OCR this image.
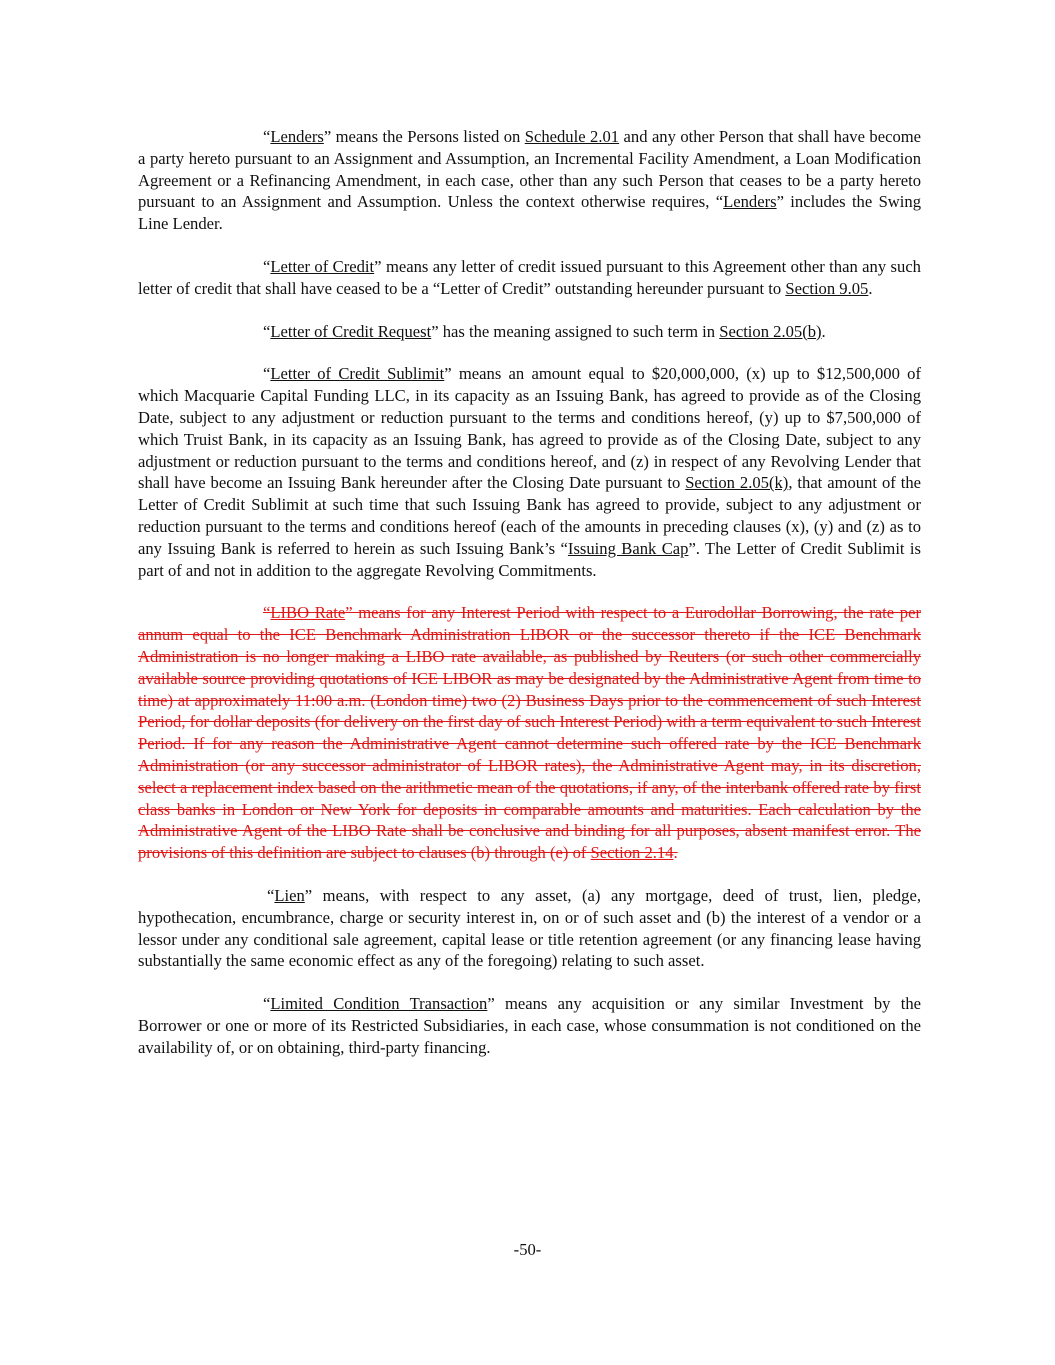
“Lenders” means the Persons listed on Schedule 2.01 and any other Person that shall have become a party hereto pursuant to an Assignment and Assumption, an Incremental Facility Amendment, a Loan Modification Agreement or a Refinancing Amendment, in each case, other than any such Person that ceases to be a party hereto pursuant to an Assignment and Assumption. Unless the context otherwise requires, “Lenders” includes the Swing Line Lender.

“Letter of Credit” means any letter of credit issued pursuant to this Agreement other than any such letter of credit that shall have ceased to be a “Letter of Credit” outstanding hereunder pursuant to Section 9.05.

“Letter of Credit Request” has the meaning assigned to such term in Section 2.05(b).

“Letter of Credit Sublimit” means an amount equal to $20,000,000, (x) up to $12,500,000 of which Macquarie Capital Funding LLC, in its capacity as an Issuing Bank, has agreed to provide as of the Closing Date, subject to any adjustment or reduction pursuant to the terms and conditions hereof, (y) up to $7,500,000 of which Truist Bank, in its capacity as an Issuing Bank, has agreed to provide as of the Closing Date, subject to any adjustment or reduction pursuant to the terms and conditions hereof, and (z) in respect of any Revolving Lender that shall have become an Issuing Bank hereunder after the Closing Date pursuant to Section 2.05(k), that amount of the Letter of Credit Sublimit at such time that such Issuing Bank has agreed to provide, subject to any adjustment or reduction pursuant to the terms and conditions hereof (each of the amounts in preceding clauses (x), (y) and (z) as to any Issuing Bank is referred to herein as such Issuing Bank’s “Issuing Bank Cap”. The Letter of Credit Sublimit is part of and not in addition to the aggregate Revolving Commitments.

“LIBO Rate” means for any Interest Period with respect to a Eurodollar Borrowing, the rate per annum equal to the ICE Benchmark Administration LIBOR or the successor thereto if the ICE Benchmark Administration is no longer making a LIBO rate available, as published by Reuters (or such other commercially available source providing quotations of ICE LIBOR as may be designated by the Administrative Agent from time to time) at approximately 11:00 a.m. (London time) two (2) Business Days prior to the commencement of such Interest Period, for dollar deposits (for delivery on the first day of such Interest Period) with a term equivalent to such Interest Period. If for any reason the Administrative Agent cannot determine such offered rate by the ICE Benchmark Administration (or any successor administrator of LIBOR rates), the Administrative Agent may, in its discretion, select a replacement index based on the arithmetic mean of the quotations, if any, of the interbank offered rate by first class banks in London or New York for deposits in comparable amounts and maturities. Each calculation by the Administrative Agent of the LIBO Rate shall be conclusive and binding for all purposes, absent manifest error. The provisions of this definition are subject to clauses (b) through (e) of Section 2.14.

“Lien” means, with respect to any asset, (a) any mortgage, deed of trust, lien, pledge, hypothecation, encumbrance, charge or security interest in, on or of such asset and (b) the interest of a vendor or a lessor under any conditional sale agreement, capital lease or title retention agreement (or any financing lease having substantially the same economic effect as any of the foregoing) relating to such asset.

“Limited Condition Transaction” means any acquisition or any similar Investment by the Borrower or one or more of its Restricted Subsidiaries, in each case, whose consummation is not conditioned on the availability of, or on obtaining, third-party financing.

-50-
